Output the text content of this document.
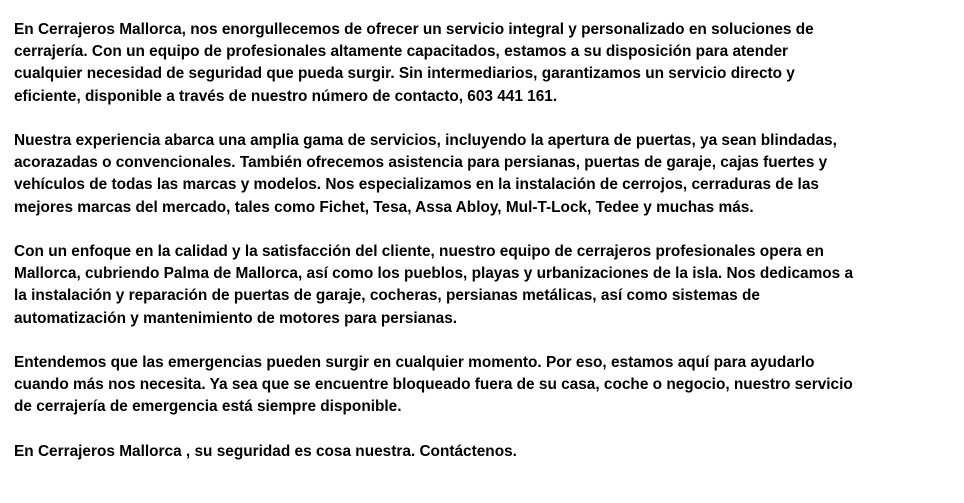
En Cerrajeros Mallorca, nos enorgullecemos de ofrecer un servicio integral y personalizado en soluciones de
cerrajería. Con un equipo de profesionales altamente capacitados, estamos a su disposición para atender
cualquier necesidad de seguridad que pueda surgir. Sin intermediarios, garantizamos un servicio directo y
eficiente, disponible a través de nuestro número de contacto, 603 441 161.

Nuestra experiencia abarca una amplia gama de servicios, incluyendo la apertura de puertas, ya sean blindadas,
acorazadas o convencionales. También ofrecemos asistencia para persianas, puertas de garaje, cajas fuertes y
vehículos de todas las marcas y modelos. Nos especializamos en la instalación de cerrojos, cerraduras de las
mejores marcas del mercado, tales como Fichet, Tesa, Assa Abloy, Mul-T-Lock, Tedee y muchas más.

Con un enfoque en la calidad y la satisfacción del cliente, nuestro equipo de cerrajeros profesionales opera en
Mallorca, cubriendo Palma de Mallorca, así como los pueblos, playas y urbanizaciones de la isla. Nos dedicamos a
la instalación y reparación de puertas de garaje, cocheras, persianas metálicas, así como sistemas de
automatización y mantenimiento de motores para persianas.

Entendemos que las emergencias pueden surgir en cualquier momento. Por eso, estamos aquí para ayudarlo
cuando más nos necesita. Ya sea que se encuentre bloqueado fuera de su casa, coche o negocio, nuestro servicio
de cerrajería de emergencia está siempre disponible.

En Cerrajeros Mallorca , su seguridad es cosa nuestra. Contáctenos.
